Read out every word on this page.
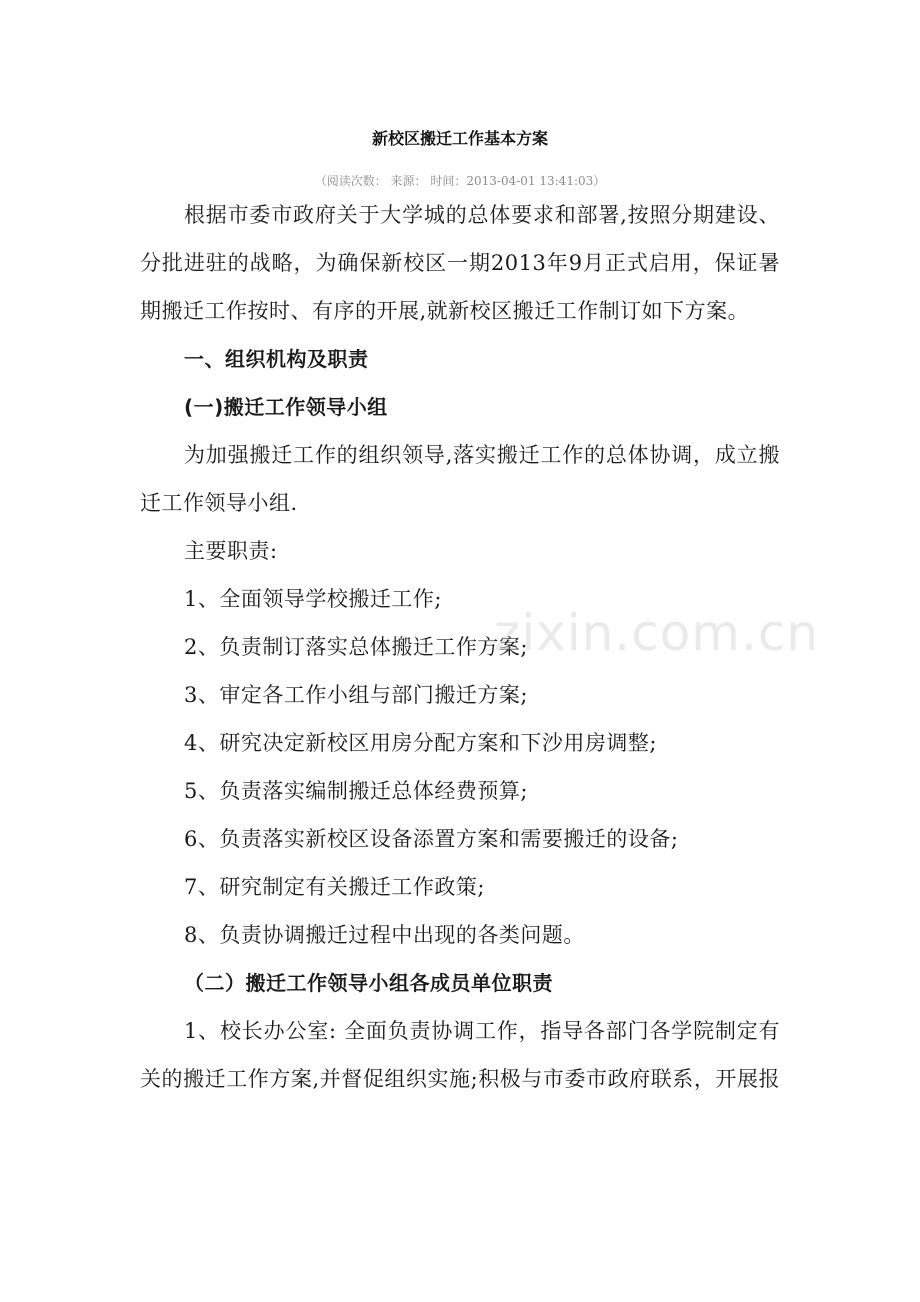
新校区搬迁工作基本方案
（阅读次数： 来源： 时间：2013-04-01 13:41:03）
根据市委市政府关于大学城的总体要求和部署,按照分期建设、
分批进驻的战略，为确保新校区一期2013年9月正式启用，保证暑
期搬迁工作按时、有序的开展,就新校区搬迁工作制订如下方案。
一、组织机构及职责
(一)搬迁工作领导小组
为加强搬迁工作的组织领导,落实搬迁工作的总体协调，成立搬
迁工作领导小组.
主要职责:
1、全面领导学校搬迁工作;
2、负责制订落实总体搬迁工作方案;
3、审定各工作小组与部门搬迁方案;
4、研究决定新校区用房分配方案和下沙用房调整;
5、负责落实编制搬迁总体经费预算;
6、负责落实新校区设备添置方案和需要搬迁的设备;
7、研究制定有关搬迁工作政策;
8、负责协调搬迁过程中出现的各类问题。
（二）搬迁工作领导小组各成员单位职责
1、校长办公室: 全面负责协调工作，指导各部门各学院制定有
关的搬迁工作方案,并督促组织实施;积极与市委市政府联系，开展报
zixin.com.cn
